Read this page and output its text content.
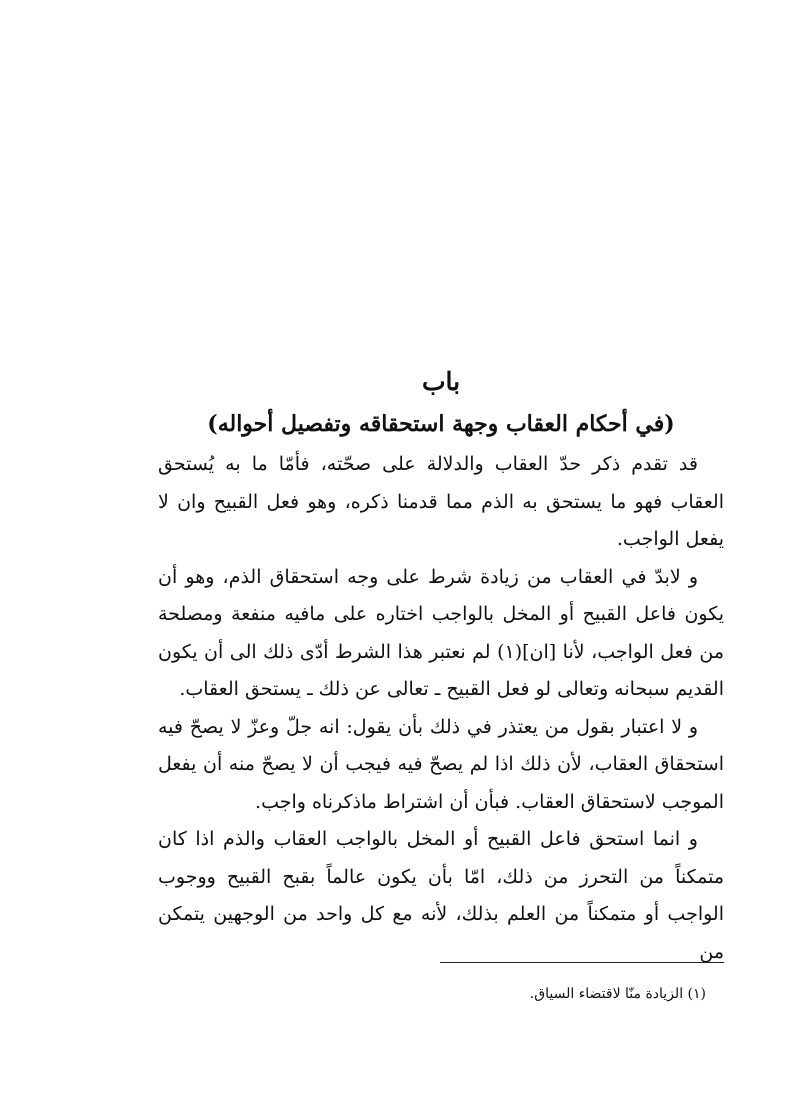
باب
(في أحكام العقاب وجهة استحقاقه وتفصيل أحواله)

قد تقدم ذكر حدّ العقاب والدلالة على صحّته، فأمّا ما به يُستحق العقاب فهو ما يستحق به الذم مما قدمنا ذكره، وهو فعل القبيح وان لا يفعل الواجب.

و لابدّ في العقاب من زيادة شرط على وجه استحقاق الذم، وهو أن يكون فاعل القبيح أو المخل بالواجب اختاره على مافيه منفعة ومصلحة من فعل الواجب، لأنا [ان](١) لم نعتبر هذا الشرط أدّى ذلك الى أن يكون القديم سبحانه وتعالى لو فعل القبيح ـ تعالى عن ذلك ـ يستحق العقاب.

و لا اعتبار بقول من يعتذر في ذلك بأن يقول: انه جلّ وعزّ لا يصحّ فيه استحقاق العقاب، لأن ذلك اذا لم يصحّ فيه فيجب أن لا يصحّ منه أن يفعل الموجب لاستحقاق العقاب. فبأن أن اشتراط ماذكرناه واجب.

و انما استحق فاعل القبيح أو المخل بالواجب العقاب والذم اذا كان متمكناً من التحرز من ذلك، امّا بأن يكون عالماً بقبح القبيح ووجوب الواجب أو متمكناً من العلم بذلك، لأنه مع كل واحد من الوجهين يتمكن من

(١) الزيادة منّا لاقتضاء السياق.
